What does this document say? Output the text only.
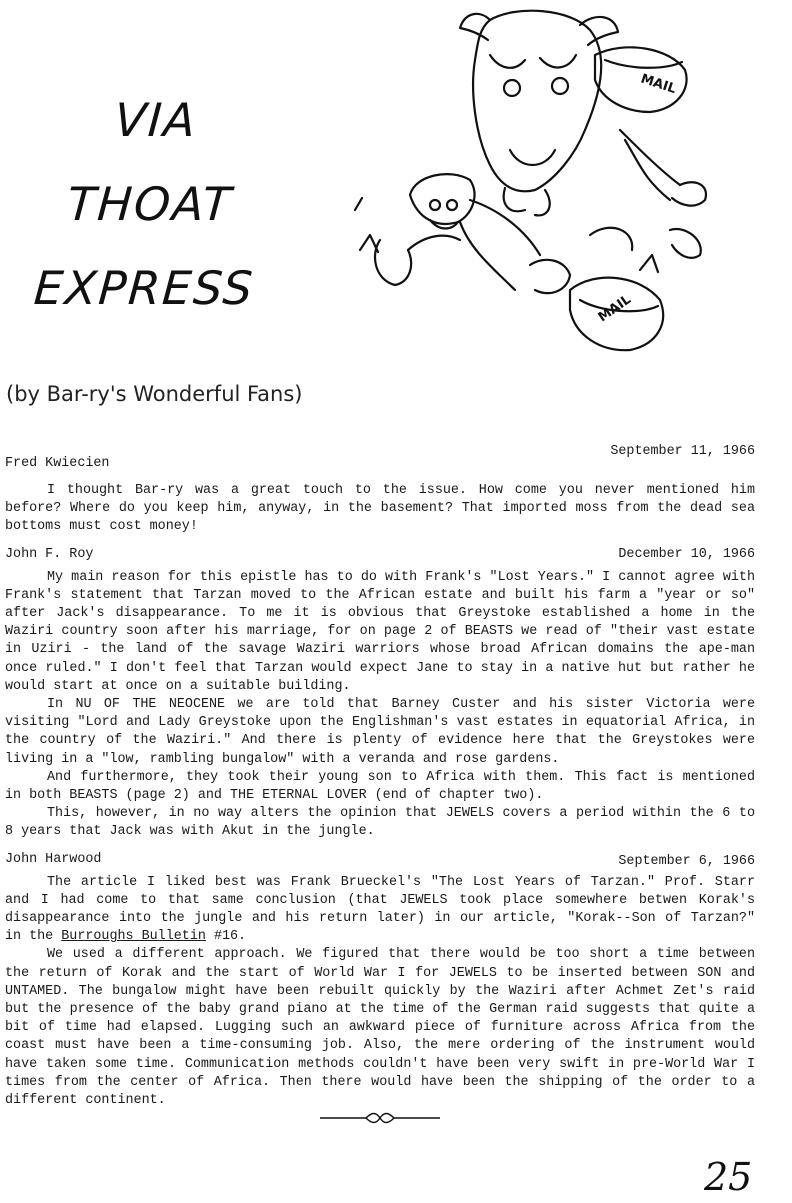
VIA
THOAT
EXPRESS
MAIL
MAIL
(by Bar-ry's Wonderful Fans)
Fred Kwiecien
September 11, 1966
I thought Bar-ry was a great touch to the issue. How come you never mentioned him before? Where do you keep him, anyway, in the basement? That imported moss from the dead sea bottoms must cost money!
John F. Roy	December 10, 1966
My main reason for this epistle has to do with Frank's "Lost Years." I cannot agree with Frank's statement that Tarzan moved to the African estate and built his farm a "year or so" after Jack's disappearance. To me it is obvious that Greystoke established a home in the Waziri country soon after his marriage, for on page 2 of BEASTS we read of "their vast estate in Uziri - the land of the savage Waziri warriors whose broad African domains the ape-man once ruled." I don't feel that Tarzan would expect Jane to stay in a native hut but rather he would start at once on a suitable building.
In NU OF THE NEOCENE we are told that Barney Custer and his sister Victoria were visiting "Lord and Lady Greystoke upon the Englishman's vast estates in equatorial Africa, in the country of the Waziri." And there is plenty of evidence here that the Greystokes were living in a "low, rambling bungalow" with a veranda and rose gardens.
And furthermore, they took their young son to Africa with them. This fact is mentioned in both BEASTS (page 2) and THE ETERNAL LOVER (end of chapter two).
This, however, in no way alters the opinion that JEWELS covers a period within the 6 to 8 years that Jack was with Akut in the jungle.
John Harwood	September 6, 1966
The article I liked best was Frank Brueckel's "The Lost Years of Tarzan." Prof. Starr and I had come to that same conclusion (that JEWELS took place somewhere betwen Korak's disappearance into the jungle and his return later) in our article, "Korak--Son of Tarzan?" in the Burroughs Bulletin #16.
We used a different approach. We figured that there would be too short a time between the return of Korak and the start of World War I for JEWELS to be inserted between SON and UNTAMED. The bungalow might have been rebuilt quickly by the Waziri after Achmet Zet's raid but the presence of the baby grand piano at the time of the German raid suggests that quite a bit of time had elapsed. Lugging such an awkward piece of furniture across Africa from the coast must have been a time-consuming job. Also, the mere ordering of the instrument would have taken some time. Communication methods couldn't have been very swift in pre-World War I times from the center of Africa. Then there would have been the shipping of the order to a different continent.
25
